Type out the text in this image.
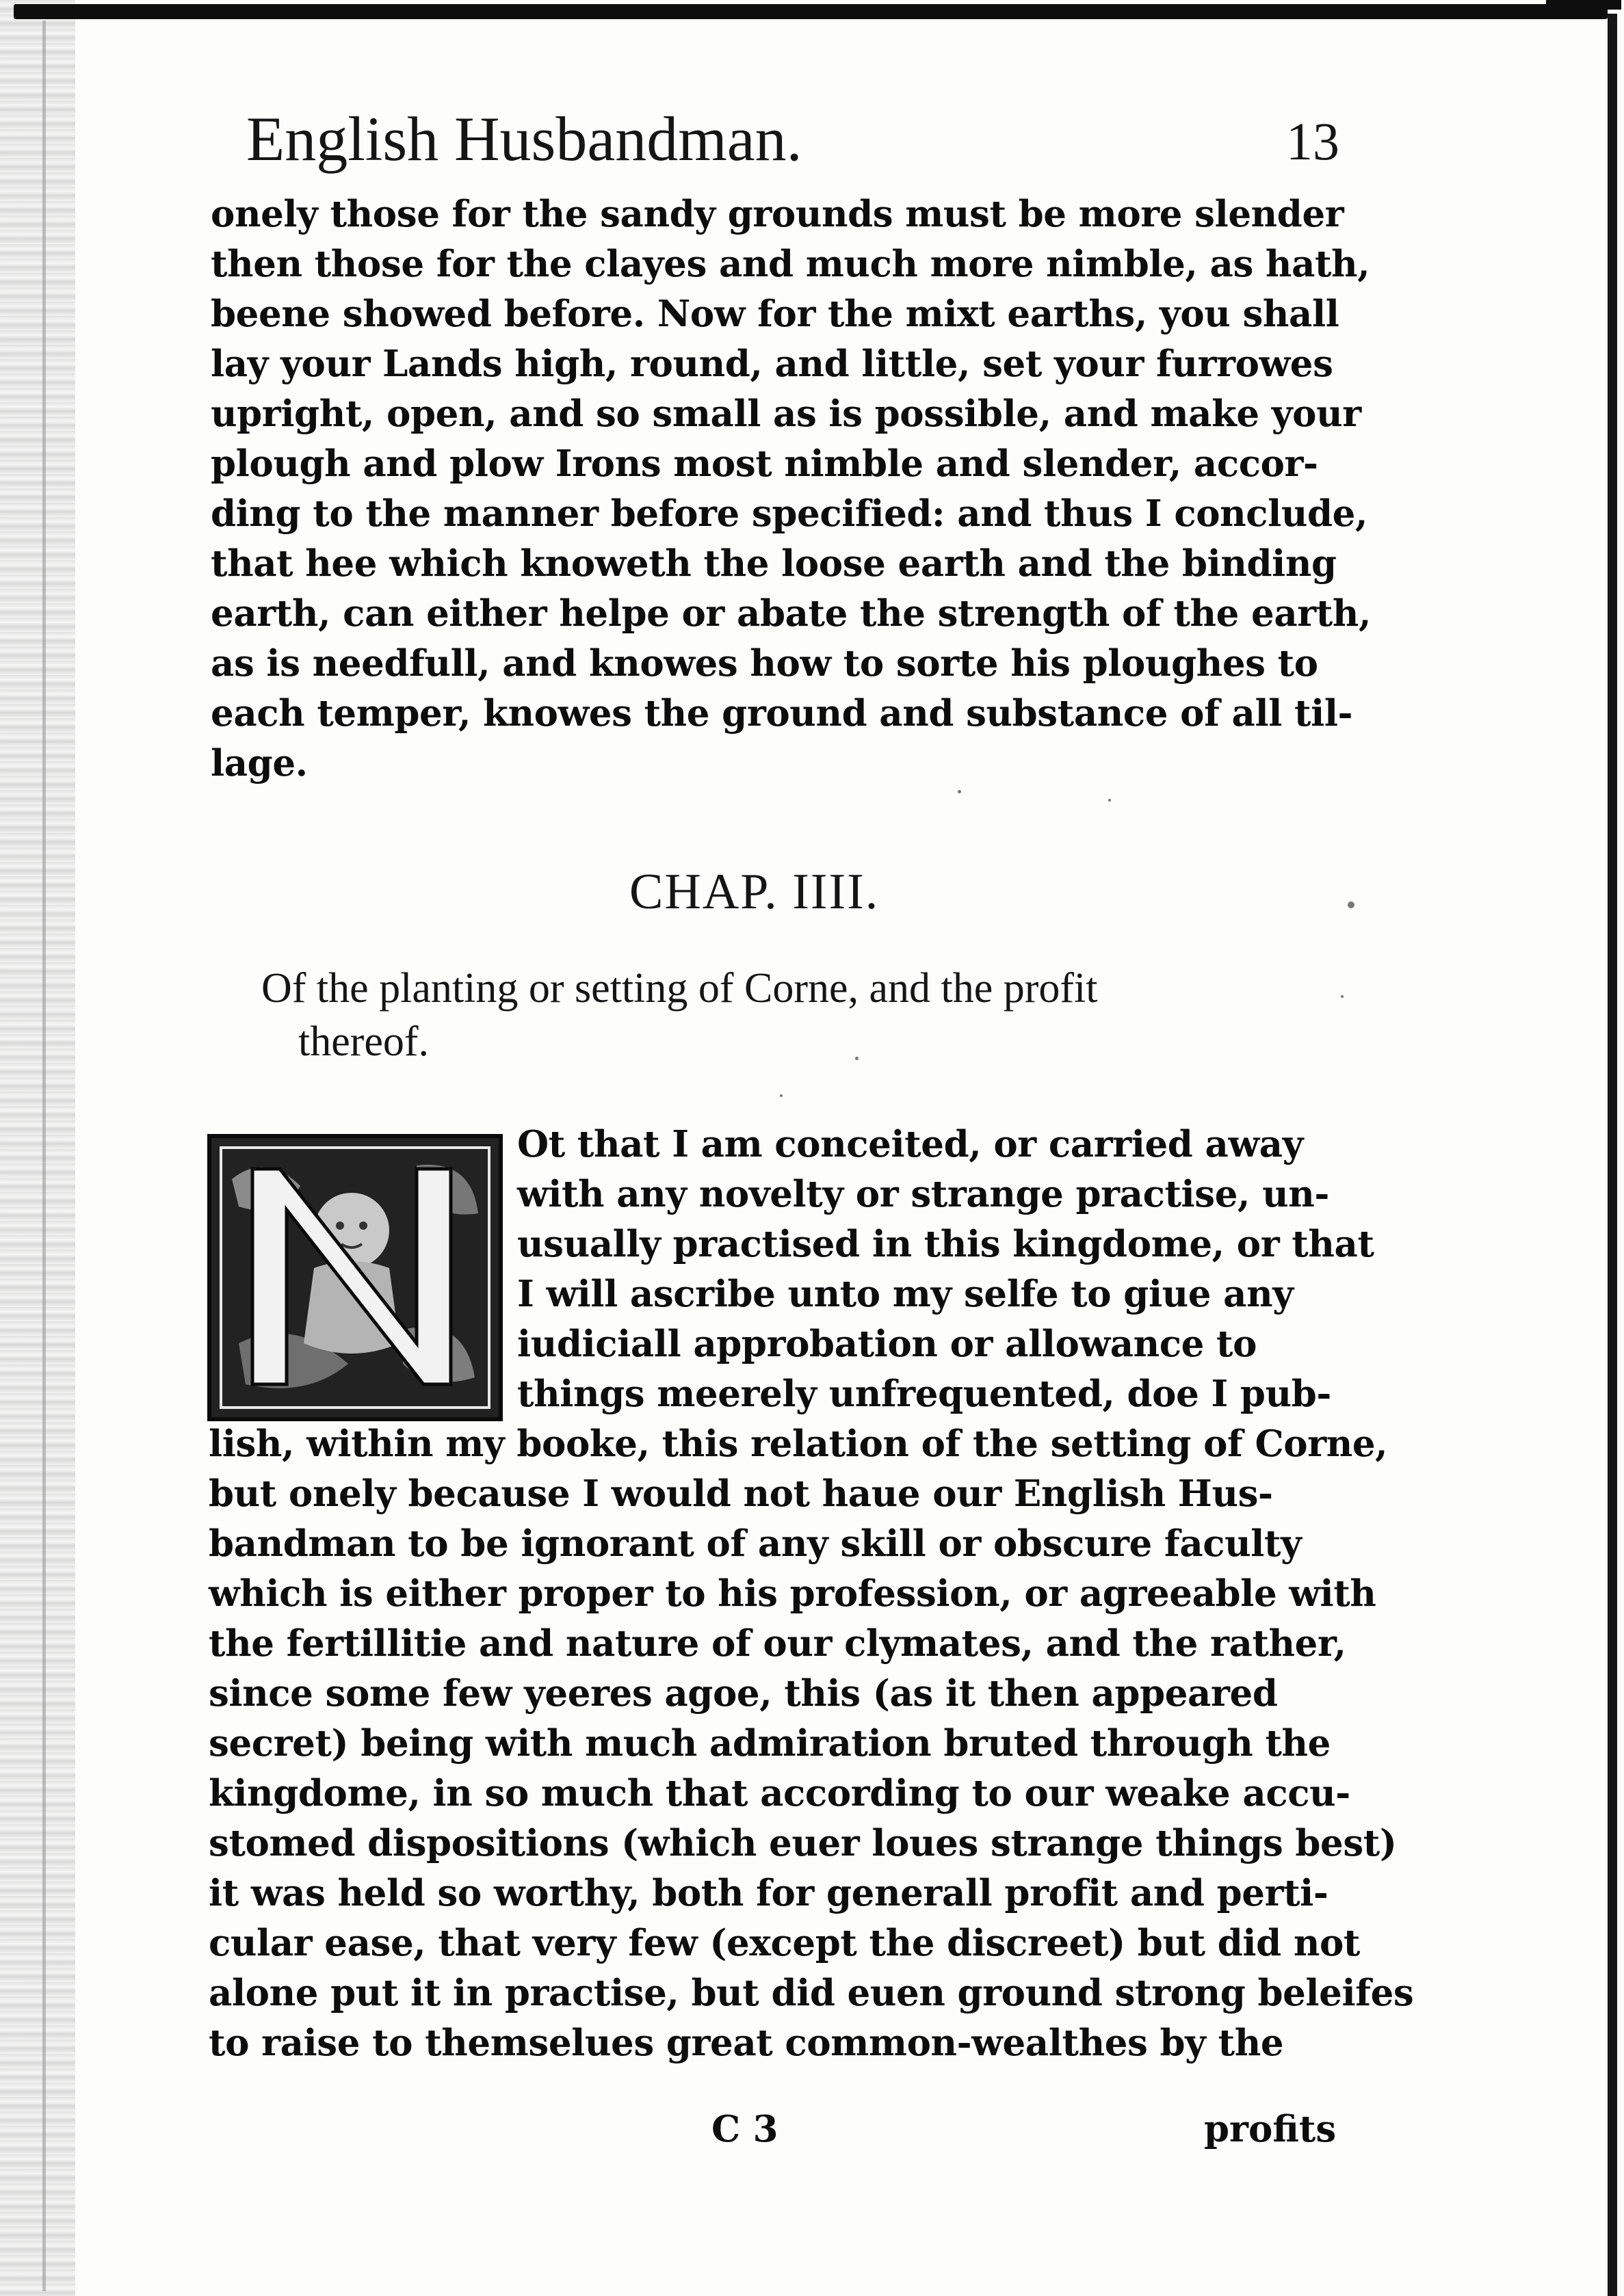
English Husbandman.	13
onely those for the sandy grounds must be more slender
then those for the clayes and much more nimble, as hath,
beene showed before. Now for the mixt earths, you shall
lay your Lands high, round, and little, set your furrowes
upright, open, and so small as is possible, and make your
plough and plow Irons most nimble and slender, accor-
ding to the manner before specified: and thus I conclude,
that hee which knoweth the loose earth and the binding
earth, can either helpe or abate the strength of the earth,
as is needfull, and knowes how to sorte his ploughes to
each temper, knowes the ground and substance of all til-
lage.
CHAP. IIII.
Of the planting or setting of Corne, and the profit
thereof.
Ot that I am conceited, or carried away
with any novelty or strange practise, un-
usually practised in this kingdome, or that
I will ascribe unto my selfe to giue any
iudiciall approbation or allowance to
things meerely unfrequented, doe I pub-
lish, within my booke, this relation of the setting of Corne,
but onely because I would not haue our English Hus-
bandman to be ignorant of any skill or obscure faculty
which is either proper to his profession, or agreeable with
the fertillitie and nature of our clymates, and the rather,
since some few yeeres agoe, this (as it then appeared
secret) being with much admiration bruted through the
kingdome, in so much that according to our weake accu-
stomed dispositions (which euer loues strange things best)
it was held so worthy, both for generall profit and perti-
cular ease, that very few (except the discreet) but did not
alone put it in practise, but did euen ground strong beleifes
to raise to themselues great common-wealthes by the
C 3	profits
